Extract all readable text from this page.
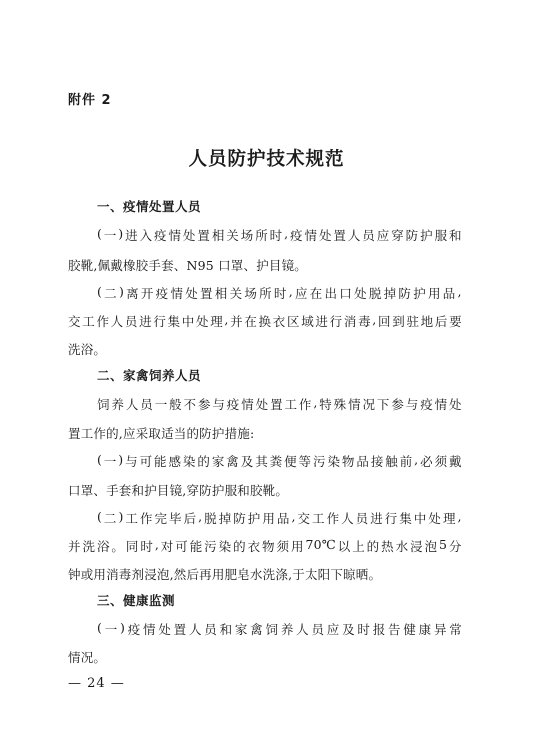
附件 2
人员防护技术规范
一、疫情处置人员
( 一 ) 进 入 疫 情 处 置 相 关 场 所 时 , 疫 情 处 置 人 员 应 穿 防 护 服 和
胶靴,佩戴橡胶手套、N95 口罩、护目镜。
( 二 ) 离 开 疫 情 处 置 相 关 场 所 时 , 应 在 出 口 处 脱 掉 防 护 用 品 ,
交 工 作 人 员 进 行 集 中 处 理 , 并 在 换 衣 区 域 进 行 消 毒 , 回 到 驻 地 后 要
洗浴。
二、家禽饲养人员
饲 养 人 员 一 般 不 参 与 疫 情 处 置 工 作 , 特 殊 情 况 下 参 与 疫 情 处
置工作的,应采取适当的防护措施:
( 一 ) 与 可 能 感 染 的 家 禽 及 其 粪 便 等 污 染 物 品 接 触 前 , 必 须 戴
口罩、手套和护目镜,穿防护服和胶靴。
( 二 ) 工 作 完 毕 后 , 脱 掉 防 护 用 品 , 交 工 作 人 员 进 行 集 中 处 理 ,
并 洗 浴 。 同 时 , 对 可 能 污 染 的 衣 物 须 用 70℃ 以 上 的 热 水 浸 泡 5 分
钟或用消毒剂浸泡,然后再用肥皂水洗涤,于太阳下晾晒。
三、健康监测
( 一 ) 疫 情 处 置 人 员 和 家 禽 饲 养 人 员 应 及 时 报 告 健 康 异 常
情况。
— 24 —
